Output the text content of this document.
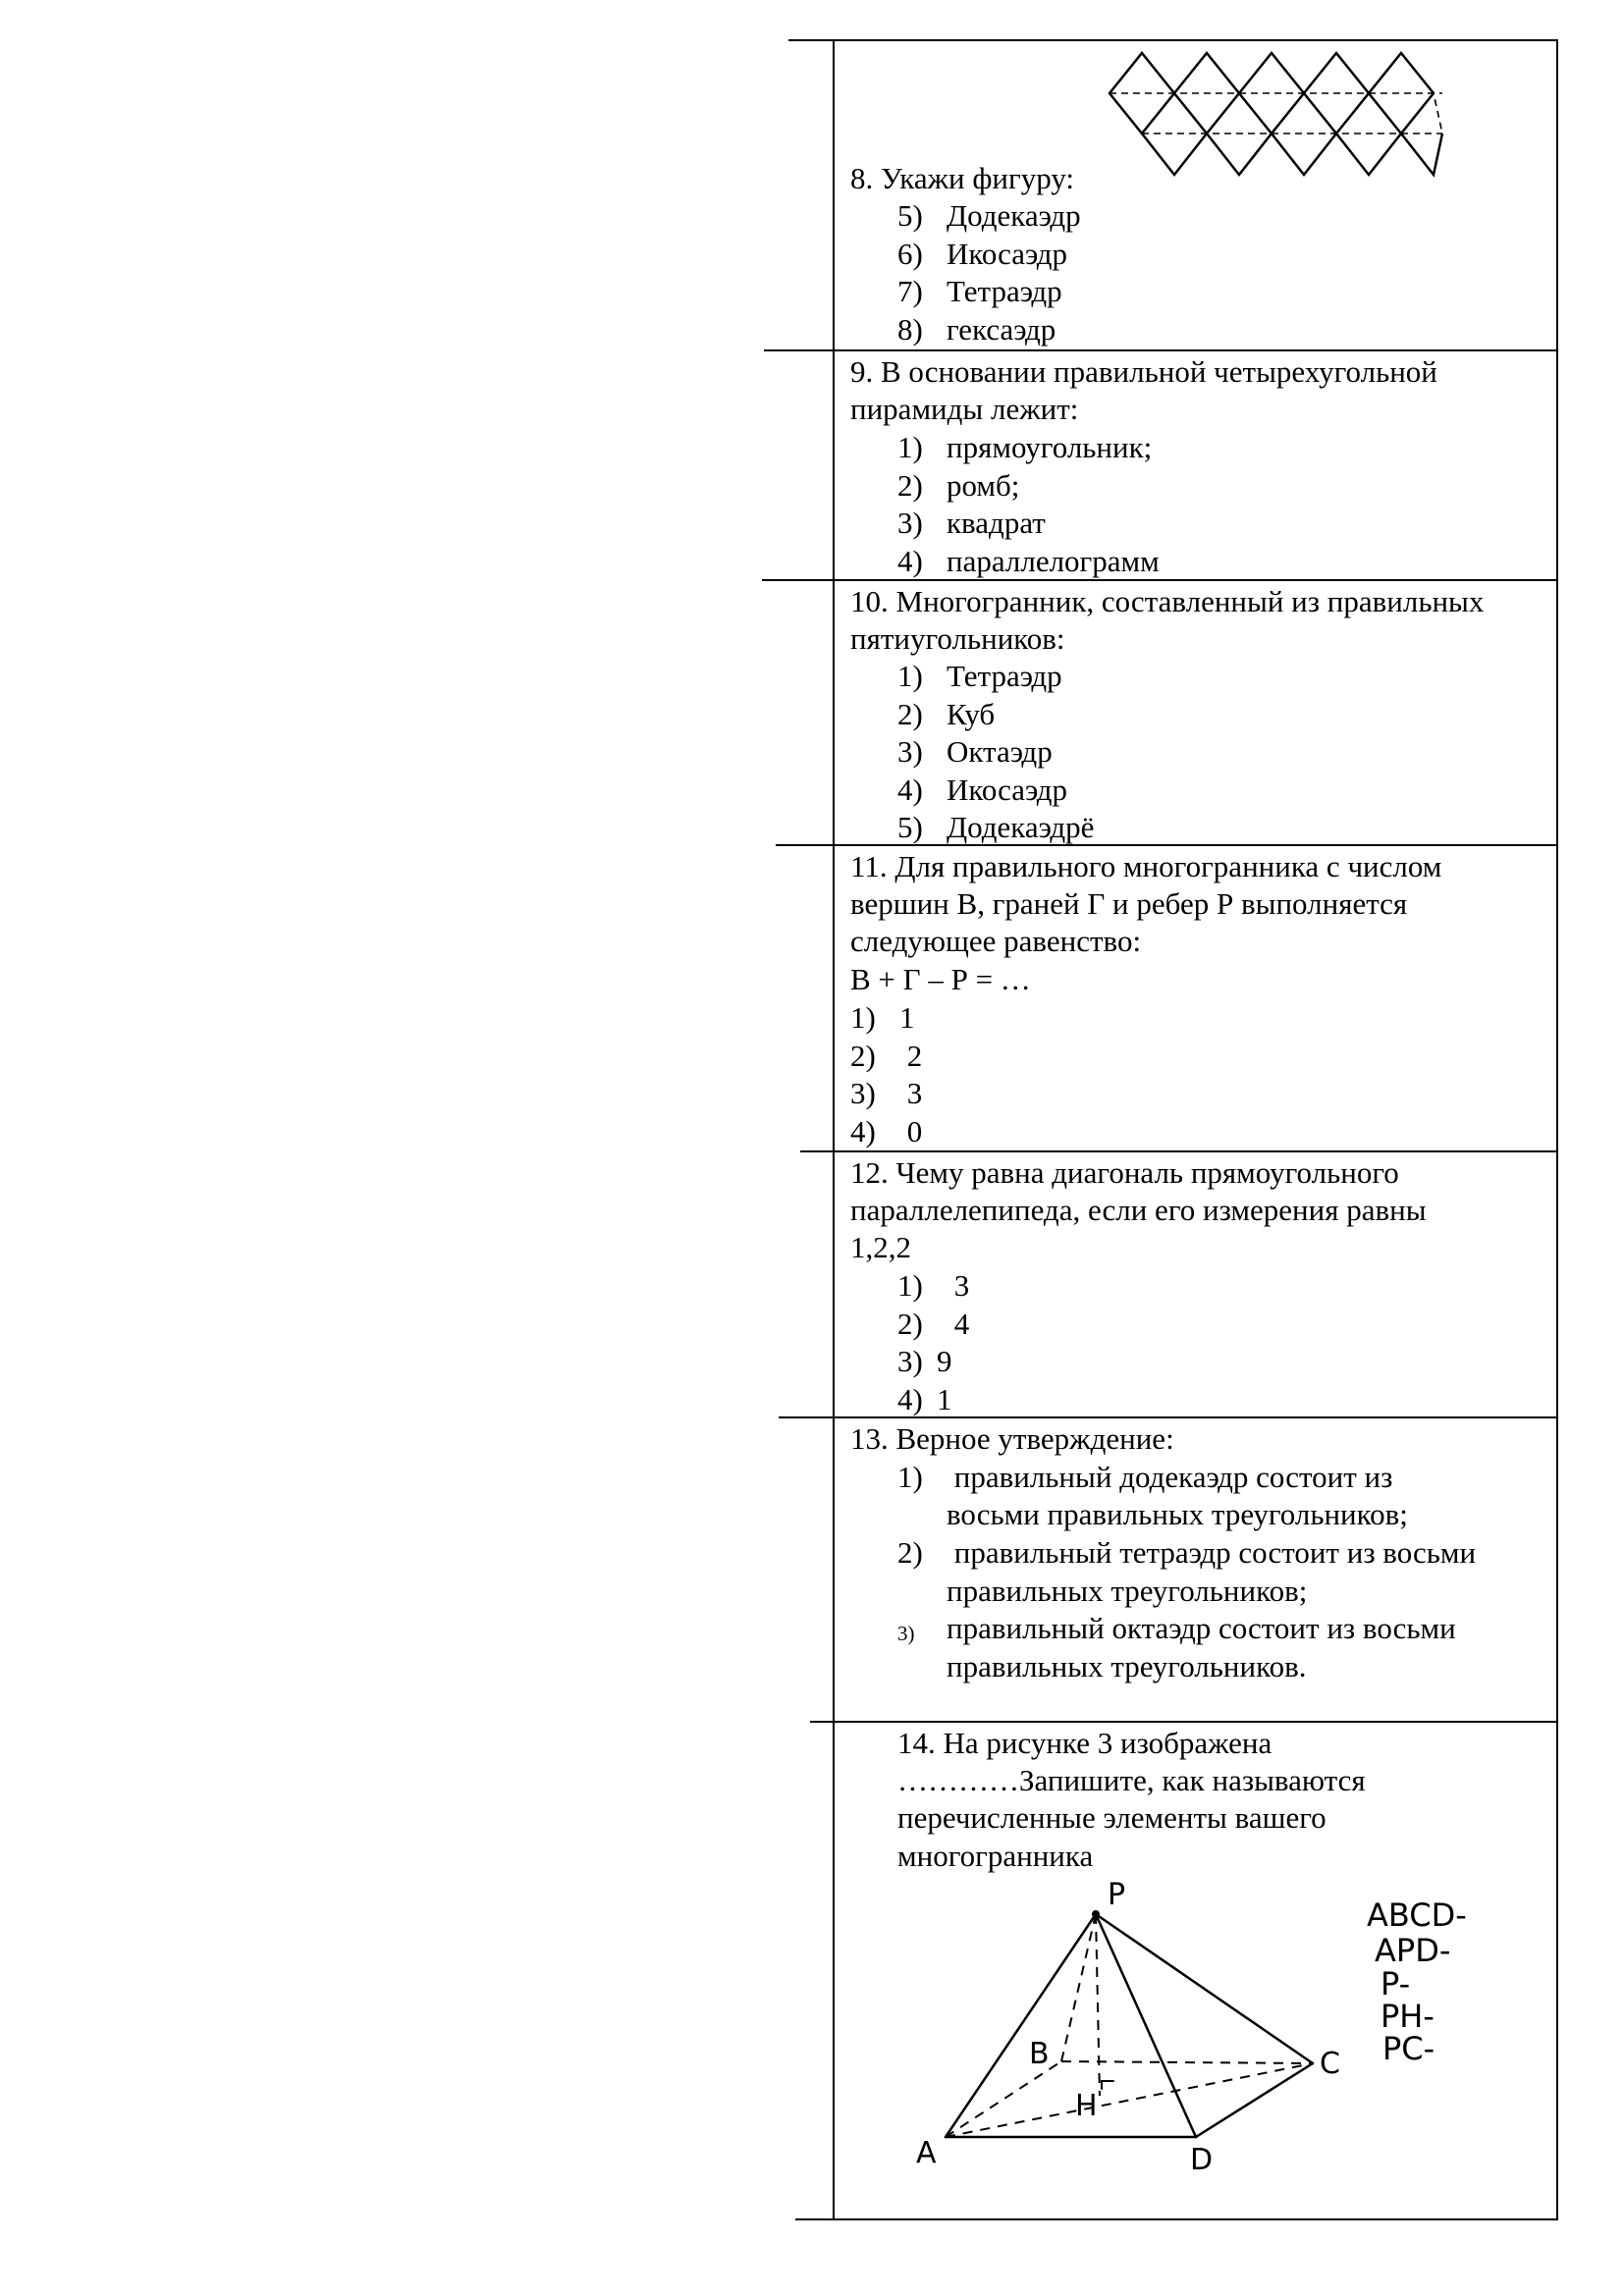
8. Укажи фигуру:
5) Додекаэдр
6) Икосаэдр
7) Тетраэдр
8) гексаэдр
9. В основании правильной четырехугольной
пирамиды лежит:
1) прямоугольник;
2) ромб;
3) квадрат
4) параллелограмм
10. Многогранник, составленный из правильных
пятиугольников:
1) Тетраэдр
2) Куб
3) Октаэдр
4) Икосаэдр
5) Додекаэдрё
11. Для правильного многогранника с числом
вершин В, граней Г и ребер Р выполняется
следующее равенство:
В + Г – Р = …
1) 1
2) 2
3) 3
4) 0
12. Чему равна диагональ прямоугольного
параллелепипеда, если его измерения равны
1,2,2
1) 3
2) 4
3) 9
4) 1
13. Верное утверждение:
1) правильный додекаэдр состоит из
восьми правильных треугольников;
2) правильный тетраэдр состоит из восьми
правильных треугольников;
3) правильный октаэдр состоит из восьми
правильных треугольников.
14. На рисунке 3 изображена
…………Запишите, как называются
перечисленные элементы вашего
многогранника
P
A
B	C
D
H
ABCD-
APD-
P-
PH-
PC-
